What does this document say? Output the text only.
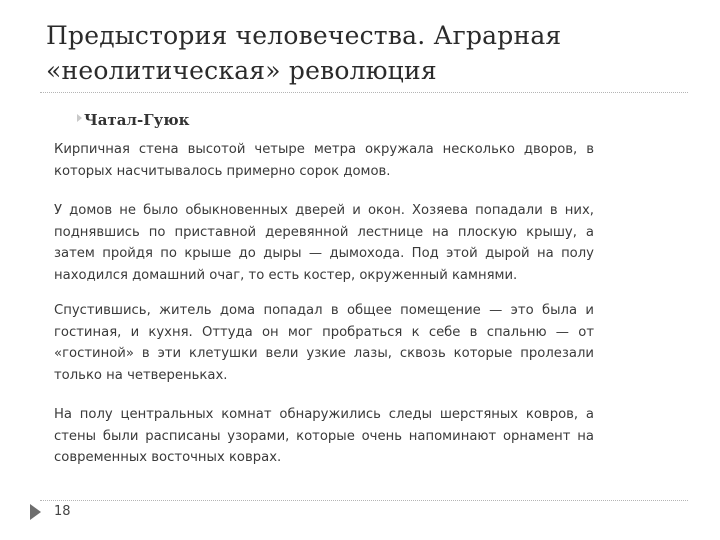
Предыстория человечества. Аграрная
«неолитическая» революция
Чатал-Гуюк

Кирпичная стена высотой четыре метра окружала несколько дворов, в которых насчитывалось примерно сорок домов.

У домов не было обыкновенных дверей и окон. Хозяева попадали в них, поднявшись по приставной деревянной лестнице на плоскую крышу, а затем пройдя по крыше до дыры — дымохода. Под этой дырой на полу находился домашний очаг, то есть костер, окруженный камнями.

Спустившись, житель дома попадал в общее помещение — это была и гостиная, и кухня. Оттуда он мог пробраться к себе в спальню — от «гостиной» в эти клетушки вели узкие лазы, сквозь которые пролезали только на четвереньках.

На полу центральных комнат обнаружились следы шерстяных ковров, а стены были расписаны узорами, которые очень напоминают орнамент на современных восточных коврах.

18
